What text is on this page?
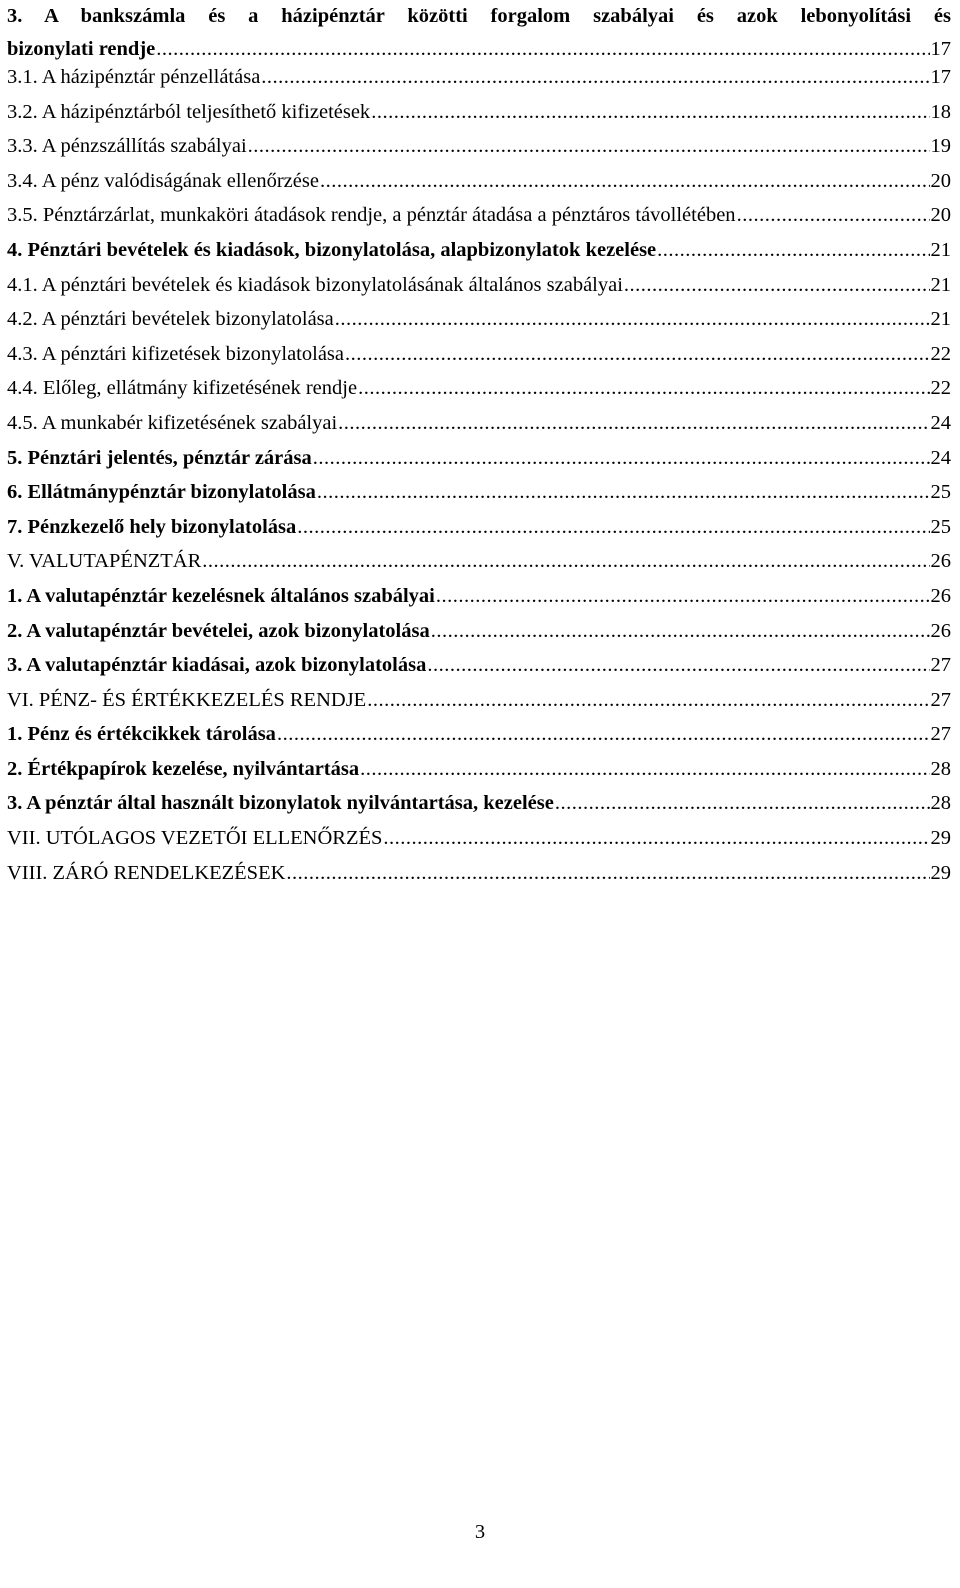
3. A bankszámla és a házipénztár közötti forgalom szabályai és azok lebonyolítási és
bizonylati rendje .....	17
3.1. A házipénztár pénzellátása .....	17
3.2. A házipénztárból teljesíthető kifizetések .....	18
3.3. A pénzszállítás szabályai .....	19
3.4. A pénz valódiságának ellenőrzése .....	20
3.5. Pénztárzárlat, munkaköri átadások rendje, a pénztár átadása a pénztáros távollétében .....	20
4. Pénztári bevételek és kiadások, bizonylatolása, alapbizonylatok kezelése .....	21
4.1. A pénztári bevételek és kiadások bizonylatolásának általános szabályai .....	21
4.2. A pénztári bevételek bizonylatolása .....	21
4.3. A pénztári kifizetések bizonylatolása .....	22
4.4. Előleg, ellátmány kifizetésének rendje .....	22
4.5. A munkabér kifizetésének szabályai .....	24
5. Pénztári jelentés, pénztár zárása .....	24
6. Ellátmánypénztár bizonylatolása .....	25
7. Pénzkezelő hely bizonylatolása .....	25
V. VALUTAPÉNZTÁR .....	26
1. A valutapénztár kezelésnek általános szabályai .....	26
2. A valutapénztár bevételei, azok bizonylatolása .....	26
3. A valutapénztár kiadásai, azok bizonylatolása .....	27
VI. PÉNZ- ÉS ÉRTÉKKEZELÉS RENDJE .....	27
1. Pénz és értékcikkek tárolása .....	27
2. Értékpapírok kezelése, nyilvántartása .....	28
3. A pénztár által használt bizonylatok nyilvántartása, kezelése .....	28
VII. UTÓLAGOS VEZETŐI ELLENŐRZÉS .....	29
VIII. ZÁRÓ RENDELKEZÉSEK .....	29
3
